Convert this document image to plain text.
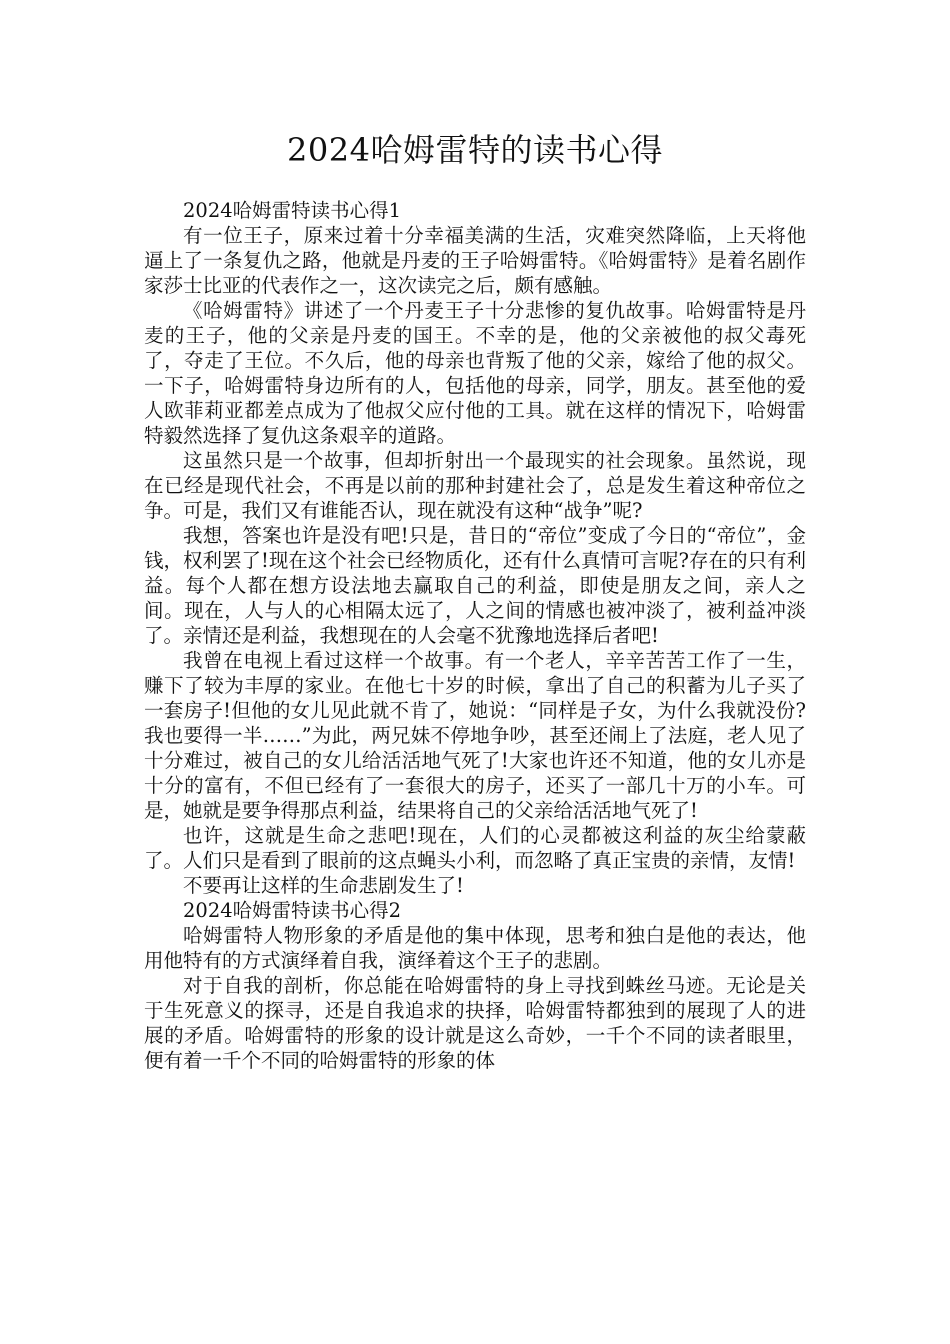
2024哈姆雷特的读书心得

2024哈姆雷特读书心得1

有一位王子，原来过着十分幸福美满的生活，灾难突然降临，上天将他逼上了一条复仇之路，他就是丹麦的王子哈姆雷特。《哈姆雷特》是着名剧作家莎士比亚的代表作之一，这次读完之后，颇有感触。

《哈姆雷特》讲述了一个丹麦王子十分悲惨的复仇故事。哈姆雷特是丹麦的王子，他的父亲是丹麦的国王。不幸的是，他的父亲被他的叔父毒死了，夺走了王位。不久后，他的母亲也背叛了他的父亲，嫁给了他的叔父。一下子，哈姆雷特身边所有的人，包括他的母亲，同学，朋友。甚至他的爱人欧菲莉亚都差点成为了他叔父应付他的工具。就在这样的情况下，哈姆雷特毅然选择了复仇这条艰辛的道路。

这虽然只是一个故事，但却折射出一个最现实的社会现象。虽然说，现在已经是现代社会，不再是以前的那种封建社会了，总是发生着这种帝位之争。可是，我们又有谁能否认，现在就没有这种“战争”呢?

我想，答案也许是没有吧!只是，昔日的“帝位”变成了今日的“帝位”，金钱，权利罢了!现在这个社会已经物质化，还有什么真情可言呢?存在的只有利益。每个人都在想方设法地去赢取自己的利益，即使是朋友之间，亲人之间。现在，人与人的心相隔太远了，人之间的情感也被冲淡了，被利益冲淡了。亲情还是利益，我想现在的人会毫不犹豫地选择后者吧!

我曾在电视上看过这样一个故事。有一个老人，辛辛苦苦工作了一生，赚下了较为丰厚的家业。在他七十岁的时候，拿出了自己的积蓄为儿子买了一套房子!但他的女儿见此就不肯了，她说：“同样是子女，为什么我就没份?我也要得一半……”为此，两兄妹不停地争吵，甚至还闹上了法庭，老人见了十分难过，被自己的女儿给活活地气死了!大家也许还不知道，他的女儿亦是十分的富有，不但已经有了一套很大的房子，还买了一部几十万的小车。可是，她就是要争得那点利益，结果将自己的父亲给活活地气死了!

也许，这就是生命之悲吧!现在，人们的心灵都被这利益的灰尘给蒙蔽了。人们只是看到了眼前的这点蝇头小利，而忽略了真正宝贵的亲情，友情!

不要再让这样的生命悲剧发生了!

2024哈姆雷特读书心得2

哈姆雷特人物形象的矛盾是他的集中体现，思考和独白是他的表达，他用他特有的方式演绎着自我，演绎着这个王子的悲剧。

对于自我的剖析，你总能在哈姆雷特的身上寻找到蛛丝马迹。无论是关于生死意义的探寻，还是自我追求的抉择，哈姆雷特都独到的展现了人的进展的矛盾。哈姆雷特的形象的设计就是这么奇妙，一千个不同的读者眼里，便有着一千个不同的哈姆雷特的形象的体
